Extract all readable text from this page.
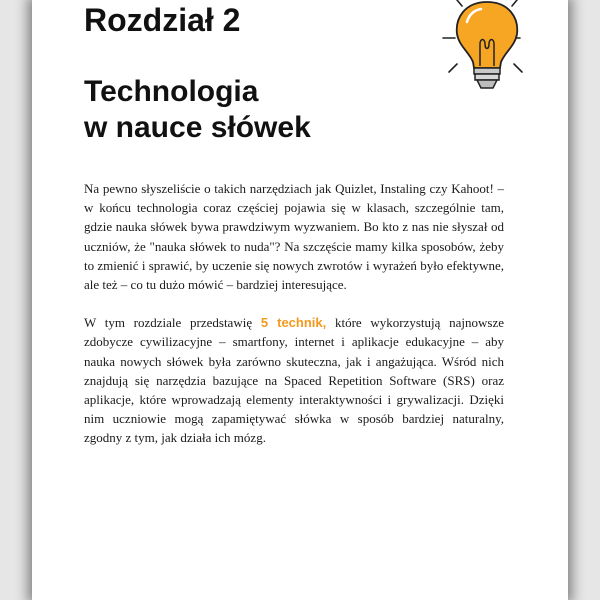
Rozdział 2
Technologia
w nauce słówek

Na pewno słyszeliście o takich narzędziach jak Quizlet, Instaling czy Kahoot! – w końcu technologia coraz częściej pojawia się w klasach, szczególnie tam, gdzie nauka słówek bywa prawdziwym wyzwaniem. Bo kto z nas nie słyszał od uczniów, że "nauka słówek to nuda"? Na szczęście mamy kilka sposobów, żeby to zmienić i sprawić, by uczenie się nowych zwrotów i wyrażeń było efektywne, ale też – co tu dużo mówić – bardziej interesujące.

W tym rozdziale przedstawię 5 technik, które wykorzystują najnowsze zdobycze cywilizacyjne – smartfony, internet i aplikacje edukacyjne – aby nauka nowych słówek była zarówno skuteczna, jak i angażująca. Wśród nich znajdują się narzędzia bazujące na Spaced Repetition Software (SRS) oraz aplikacje, które wprowadzają elementy interaktywności i grywalizacji. Dzięki nim uczniowie mogą zapamiętywać słówka w sposób bardziej naturalny, zgodny z tym, jak działa ich mózg.
